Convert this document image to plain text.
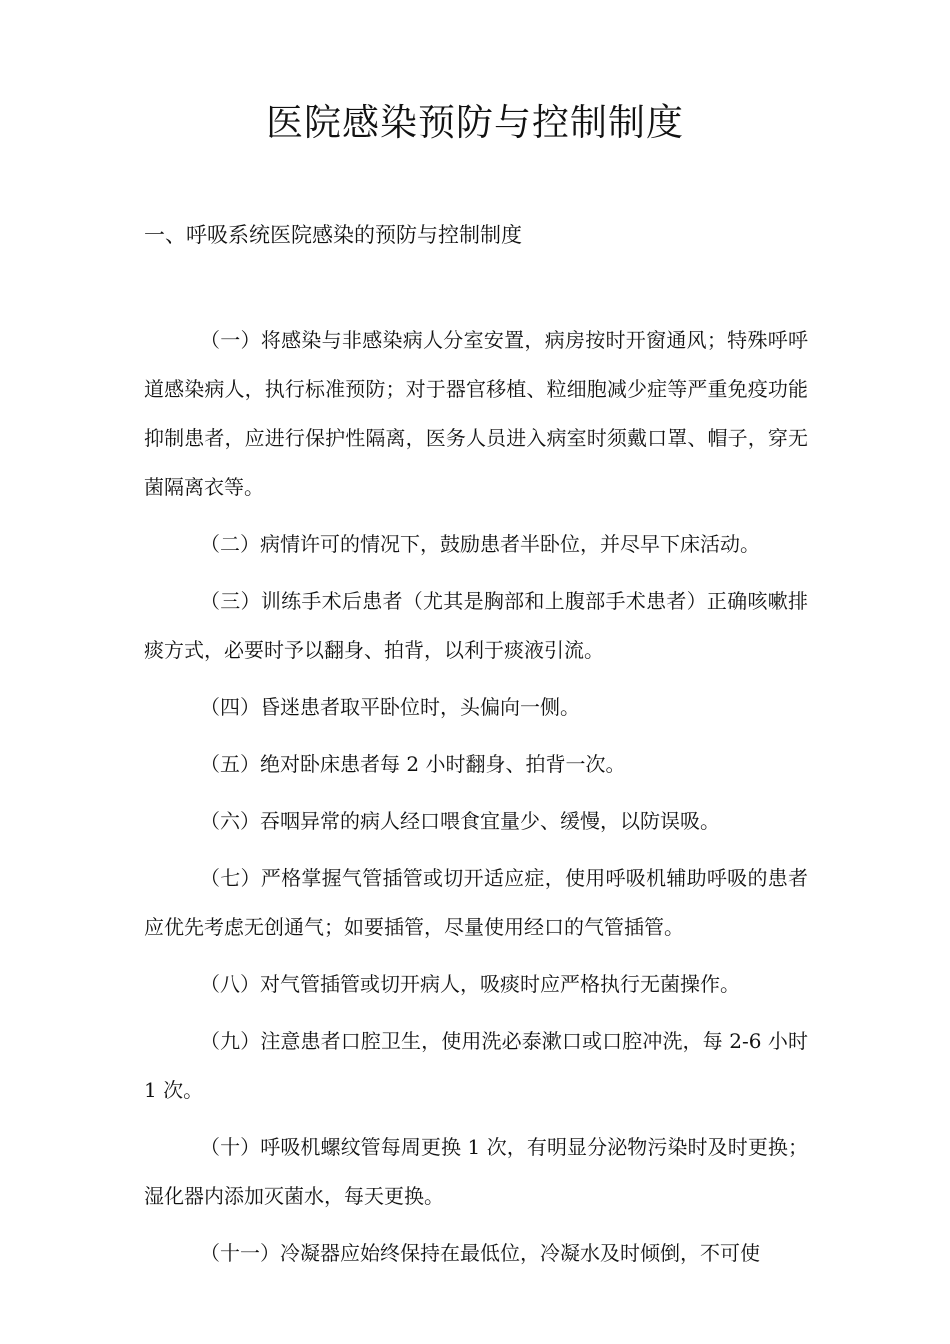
医院感染预防与控制制度
一、呼吸系统医院感染的预防与控制制度

（一）将感染与非感染病人分室安置，病房按时开窗通风；特殊呼呼道感染病人，执行标准预防；对于器官移植、粒细胞减少症等严重免疫功能抑制患者，应进行保护性隔离，医务人员进入病室时须戴口罩、帽子，穿无菌隔离衣等。

（二）病情许可的情况下，鼓励患者半卧位，并尽早下床活动。

（三）训练手术后患者（尤其是胸部和上腹部手术患者）正确咳嗽排痰方式，必要时予以翻身、拍背，以利于痰液引流。

（四）昏迷患者取平卧位时，头偏向一侧。

（五）绝对卧床患者每 2 小时翻身、拍背一次。

（六）吞咽异常的病人经口喂食宜量少、缓慢，以防误吸。

（七）严格掌握气管插管或切开适应症，使用呼吸机辅助呼吸的患者应优先考虑无创通气；如要插管，尽量使用经口的气管插管。

（八）对气管插管或切开病人，吸痰时应严格执行无菌操作。

（九）注意患者口腔卫生，使用洗必泰漱口或口腔冲洗，每 2-6 小时 1 次。

（十）呼吸机螺纹管每周更换 1 次，有明显分泌物污染时及时更换；湿化器内添加灭菌水，每天更换。

（十一）冷凝器应始终保持在最低位，冷凝水及时倾倒，不可使
